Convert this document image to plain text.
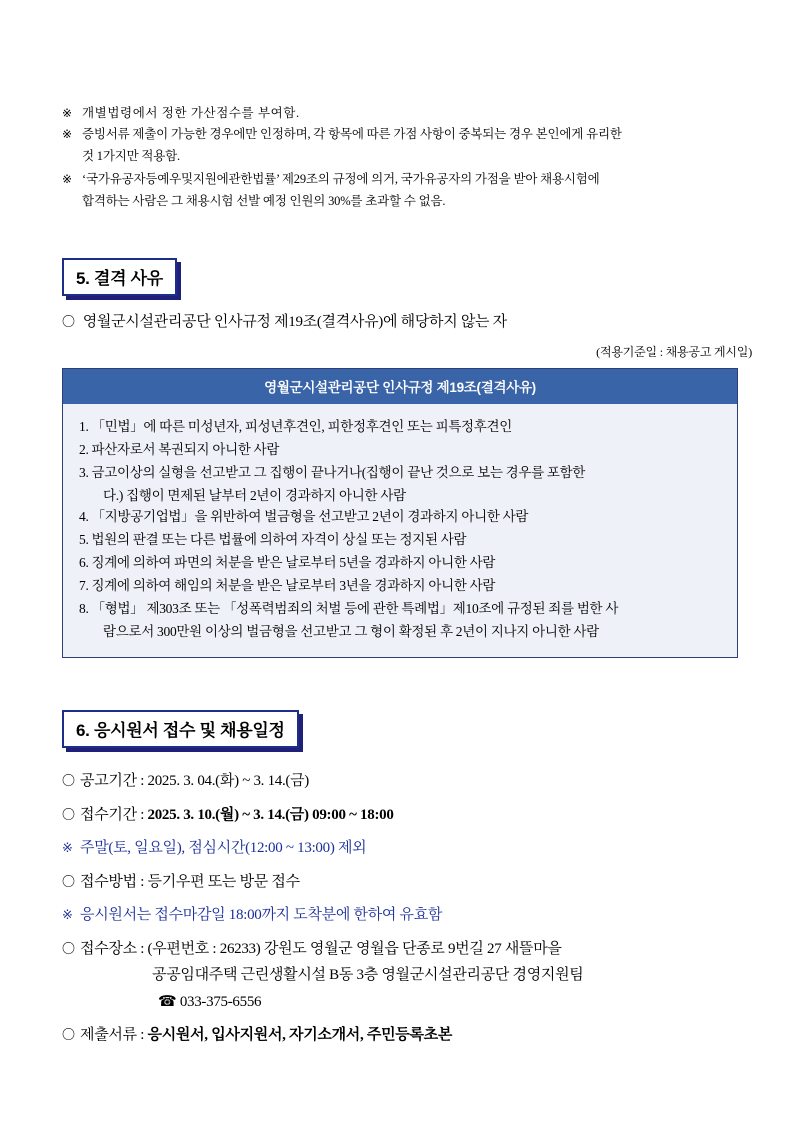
※ 개별법령에서 정한 가산점수를 부여함.
※ 증빙서류 제출이 가능한 경우에만 인정하며, 각 항목에 따른 가점 사항이 중복되는 경우 본인에게 유리한
것 1가지만 적용함.
※ ‘국가유공자등예우및지원에관한법률’ 제29조의 규정에 의거, 국가유공자의 가점을 받아 채용시험에
합격하는 사람은 그 채용시험 선발 예정 인원의 30%를 초과할 수 없음.
5. 결격 사유
〇 영월군시설관리공단 인사규정 제19조(결격사유)에 해당하지 않는 자
(적용기준일 : 채용공고 게시일)
영월군시설관리공단 인사규정 제19조(결격사유)
1. 「민법」에 따른 미성년자, 피성년후견인, 피한정후견인 또는 피특정후견인
2. 파산자로서 복권되지 아니한 사람
3. 금고이상의 실형을 선고받고 그 집행이 끝나거나(집행이 끝난 것으로 보는 경우를 포함한
다.) 집행이 면제된 날부터 2년이 경과하지 아니한 사람
4. 「지방공기업법」을 위반하여 벌금형을 선고받고 2년이 경과하지 아니한 사람
5. 법원의 판결 또는 다른 법률에 의하여 자격이 상실 또는 정지된 사람
6. 징계에 의하여 파면의 처분을 받은 날로부터 5년을 경과하지 아니한 사람
7. 징계에 의하여 해임의 처분을 받은 날로부터 3년을 경과하지 아니한 사람
8. 「형법」 제303조 또는 「성폭력범죄의 처벌 등에 관한 특례법」제10조에 규정된 죄를 범한 사
람으로서 300만원 이상의 벌금형을 선고받고 그 형이 확정된 후 2년이 지나지 아니한 사람
6. 응시원서 접수 및 채용일정
〇 공고기간 : 2025. 3. 04.(화) ~ 3. 14.(금)
〇 접수기간 : 2025. 3. 10.(월) ~ 3. 14.(금) 09:00 ~ 18:00
※ 주말(토, 일요일), 점심시간(12:00 ~ 13:00) 제외
〇 접수방법 : 등기우편 또는 방문 접수
※ 응시원서는 접수마감일 18:00까지 도착분에 한하여 유효함
〇 접수장소 : (우편번호 : 26233) 강원도 영월군 영월읍 단종로 9번길 27 새뜰마을
공공임대주택 근린생활시설 B동 3층 영월군시설관리공단 경영지원팀
☎ 033-375-6556
〇 제출서류 : 응시원서, 입사지원서, 자기소개서, 주민등록초본
